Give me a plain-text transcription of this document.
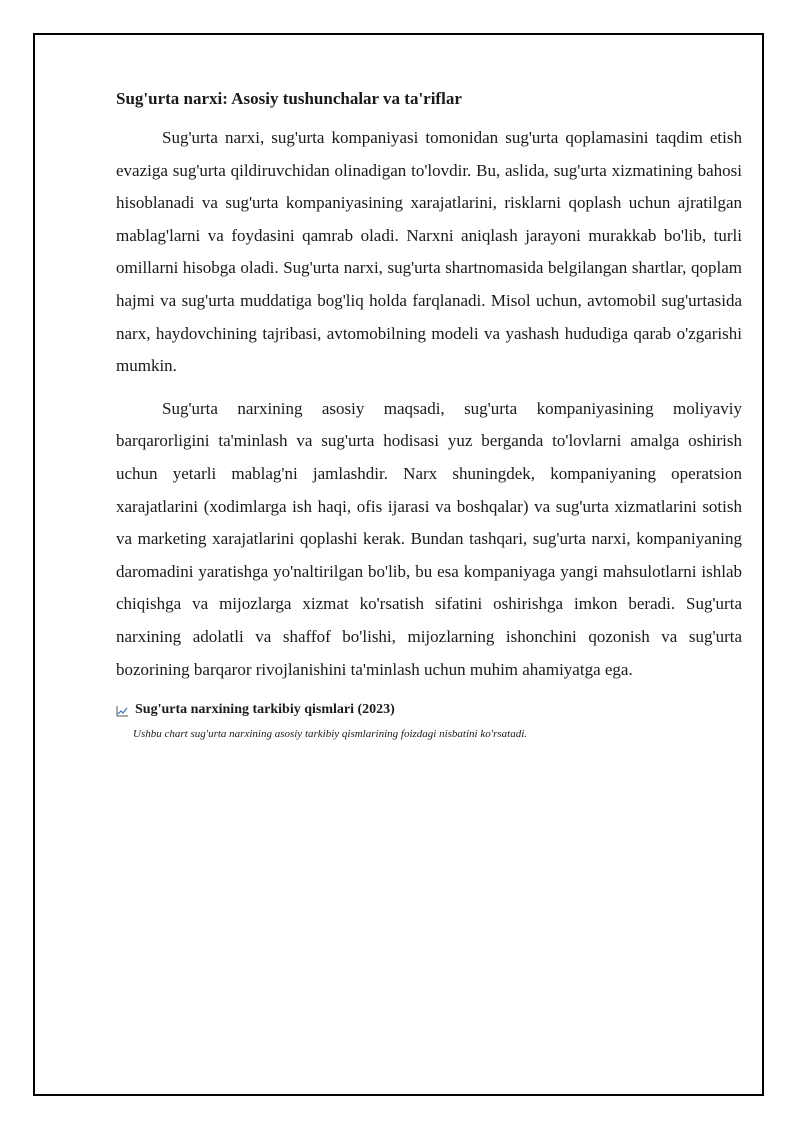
Sug'urta narxi: Asosiy tushunchalar va ta'riflar

Sug'urta narxi, sug'urta kompaniyasi tomonidan sug'urta qoplamasini taqdim etish evaziga sug'urta qildiruvchidan olinadigan to'lovdir. Bu, aslida, sug'urta xizmatining bahosi hisoblanadi va sug'urta kompaniyasining xarajatlarini, risklarni qoplash uchun ajratilgan mablag'larni va foydasini qamrab oladi. Narxni aniqlash jarayoni murakkab bo'lib, turli omillarni hisobga oladi. Sug'urta narxi, sug'urta shartnomasida belgilangan shartlar, qoplam hajmi va sug'urta muddatiga bog'liq holda farqlanadi. Misol uchun, avtomobil sug'urtasida narx, haydovchining tajribasi, avtomobilning modeli va yashash hududiga qarab o'zgarishi mumkin.

Sug'urta narxining asosiy maqsadi, sug'urta kompaniyasining moliyaviy barqarorligini ta'minlash va sug'urta hodisasi yuz berganda to'lovlarni amalga oshirish uchun yetarli mablag'ni jamlashdir. Narx shuningdek, kompaniyaning operatsion xarajatlarini (xodimlarga ish haqi, ofis ijarasi va boshqalar) va sug'urta xizmatlarini sotish va marketing xarajatlarini qoplashi kerak. Bundan tashqari, sug'urta narxi, kompaniyaning daromadini yaratishga yo'naltirilgan bo'lib, bu esa kompaniyaga yangi mahsulotlarni ishlab chiqishga va mijozlarga xizmat ko'rsatish sifatini oshirishga imkon beradi. Sug'urta narxining adolatli va shaffof bo'lishi, mijozlarning ishonchini qozonish va sug'urta bozorining barqaror rivojlanishini ta'minlash uchun muhim ahamiyatga ega.

Sug'urta narxining tarkibiy qismlari (2023)
Ushbu chart sug'urta narxining asosiy tarkibiy qismlarining foizdagi nisbatini ko'rsatadi.
